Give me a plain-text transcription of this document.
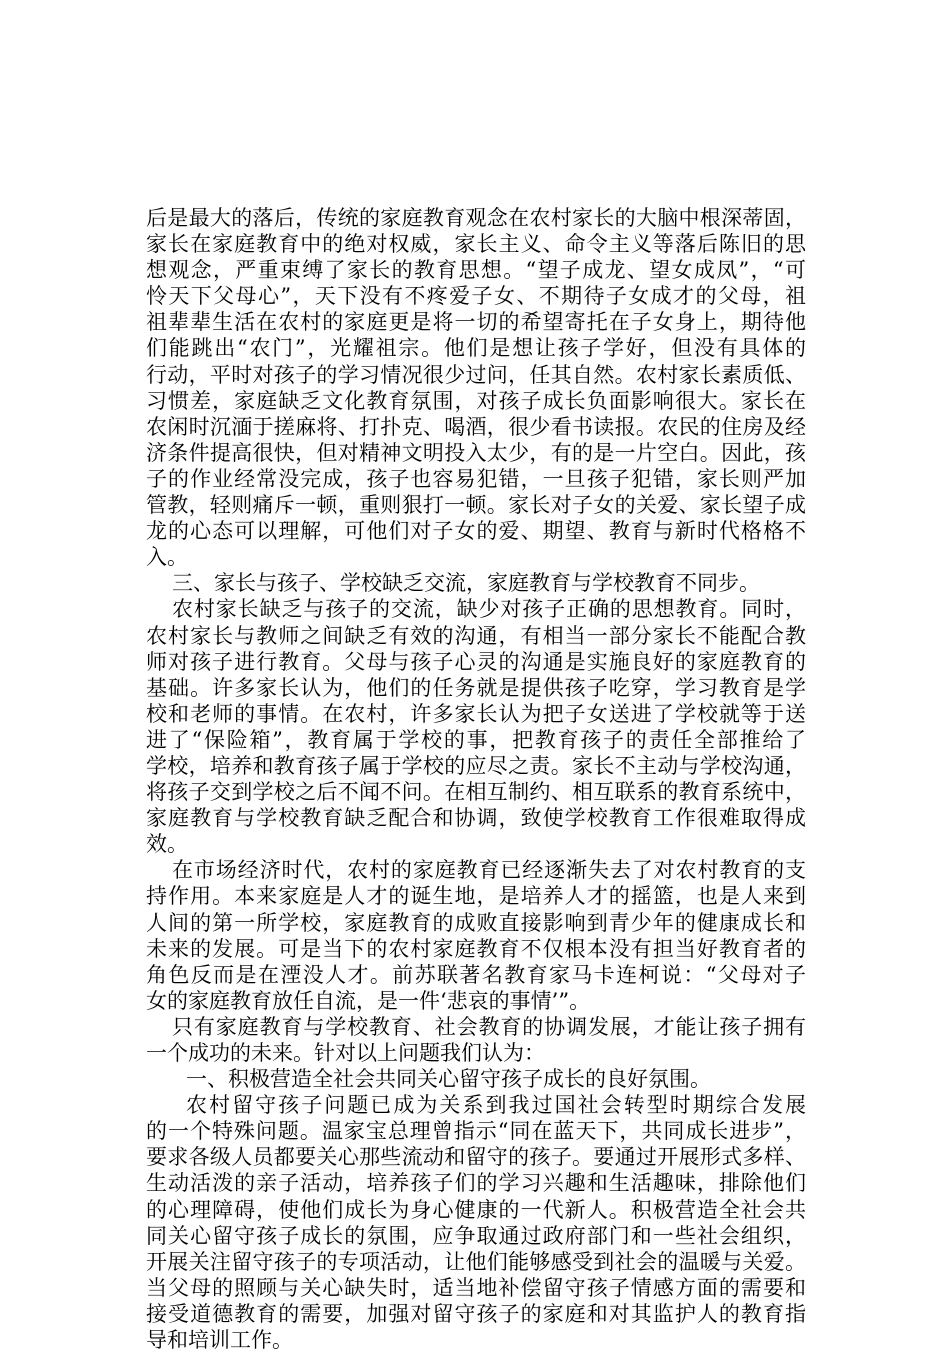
后是最大的落后，传统的家庭教育观念在农村家长的大脑中根深蒂固，
家长在家庭教育中的绝对权威，家长主义、命令主义等落后陈旧的思
想观念，严重束缚了家长的教育思想。“望子成龙、望女成凤”，“可
怜天下父母心”，天下没有不疼爱子女、不期待子女成才的父母，祖
祖辈辈生活在农村的家庭更是将一切的希望寄托在子女身上，期待他
们能跳出“农门”，光耀祖宗。他们是想让孩子学好，但没有具体的
行动，平时对孩子的学习情况很少过问，任其自然。农村家长素质低、
习惯差，家庭缺乏文化教育氛围，对孩子成长负面影响很大。家长在
农闲时沉湎于搓麻将、打扑克、喝酒，很少看书读报。农民的住房及经
济条件提高很快，但对精神文明投入太少，有的是一片空白。因此，孩
子的作业经常没完成，孩子也容易犯错，一旦孩子犯错，家长则严加
管教，轻则痛斥一顿，重则狠打一顿。家长对子女的关爱、家长望子成
龙的心态可以理解，可他们对子女的爱、期望、教育与新时代格格不
入。
三、家长与孩子、学校缺乏交流，家庭教育与学校教育不同步。
农村家长缺乏与孩子的交流，缺少对孩子正确的思想教育。同时，
农村家长与教师之间缺乏有效的沟通，有相当一部分家长不能配合教
师对孩子进行教育。父母与孩子心灵的沟通是实施良好的家庭教育的
基础。许多家长认为，他们的任务就是提供孩子吃穿，学习教育是学
校和老师的事情。在农村，许多家长认为把子女送进了学校就等于送
进了“保险箱”，教育属于学校的事，把教育孩子的责任全部推给了
学校，培养和教育孩子属于学校的应尽之责。家长不主动与学校沟通，
将孩子交到学校之后不闻不问。在相互制约、相互联系的教育系统中，
家庭教育与学校教育缺乏配合和协调，致使学校教育工作很难取得成
效。
在市场经济时代，农村的家庭教育已经逐渐失去了对农村教育的支
持作用。本来家庭是人才的诞生地，是培养人才的摇篮，也是人来到
人间的第一所学校，家庭教育的成败直接影响到青少年的健康成长和
未来的发展。可是当下的农村家庭教育不仅根本没有担当好教育者的
角色反而是在湮没人才。前苏联著名教育家马卡连柯说：“父母对子
女的家庭教育放任自流，是一件‘悲哀的事情’”。
只有家庭教育与学校教育、社会教育的协调发展，才能让孩子拥有
一个成功的未来。针对以上问题我们认为：
一、积极营造全社会共同关心留守孩子成长的良好氛围。
农村留守孩子问题已成为关系到我过国社会转型时期综合发展
的一个特殊问题。温家宝总理曾指示“同在蓝天下，共同成长进步”，
要求各级人员都要关心那些流动和留守的孩子。要通过开展形式多样、
生动活泼的亲子活动，培养孩子们的学习兴趣和生活趣味，排除他们
的心理障碍，使他们成长为身心健康的一代新人。积极营造全社会共
同关心留守孩子成长的氛围，应争取通过政府部门和一些社会组织，
开展关注留守孩子的专项活动，让他们能够感受到社会的温暖与关爱。
当父母的照顾与关心缺失时，适当地补偿留守孩子情感方面的需要和
接受道德教育的需要，加强对留守孩子的家庭和对其监护人的教育指
导和培训工作。
